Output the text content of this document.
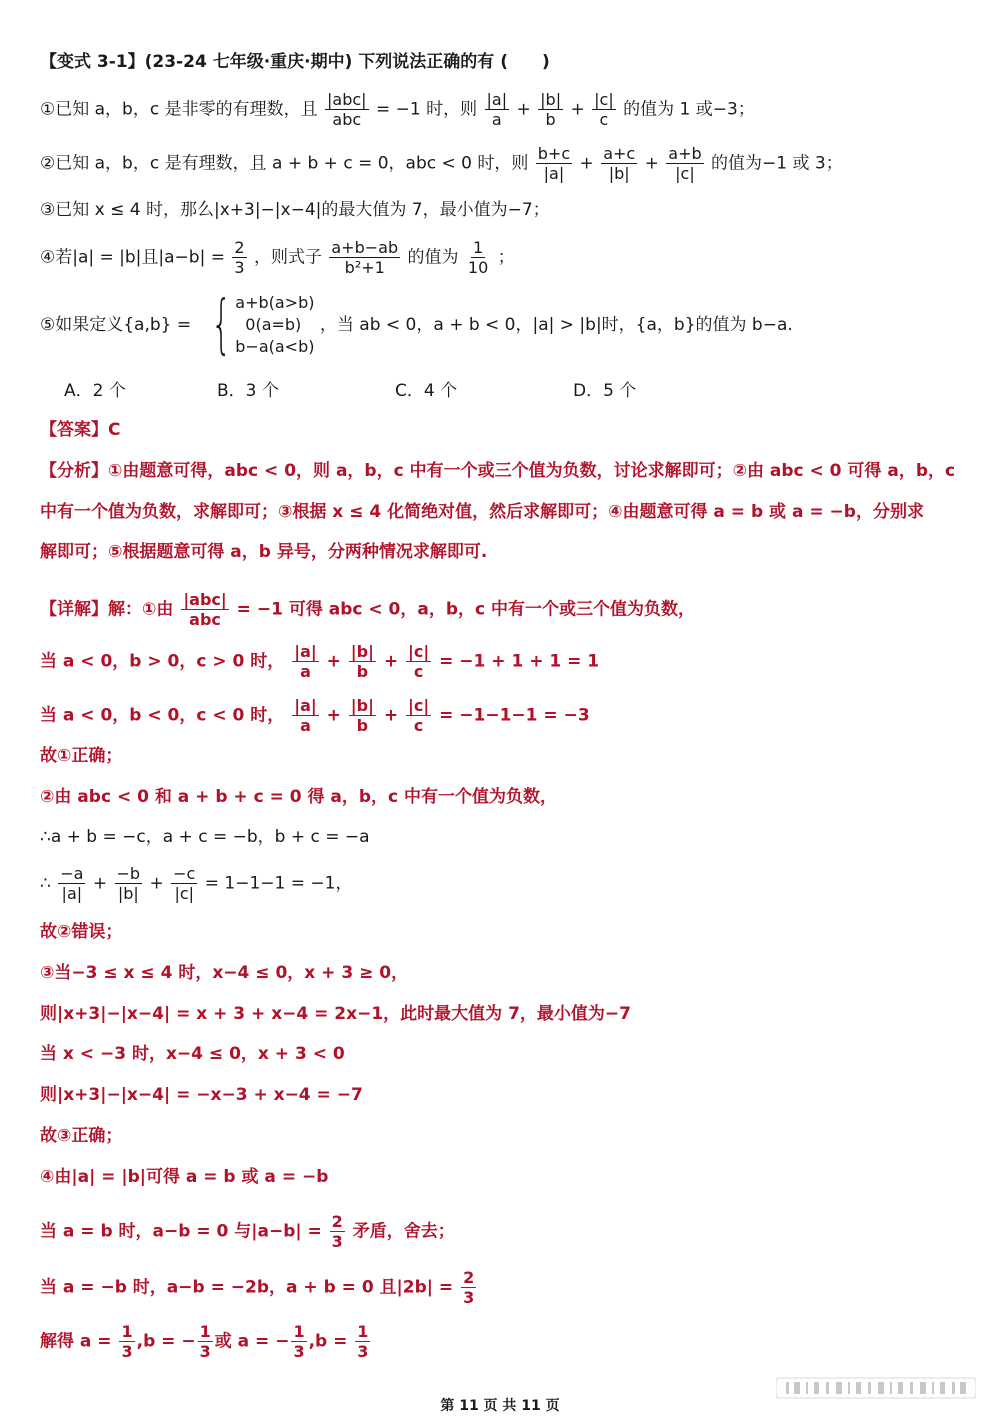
【变式 3-1】(23-24 七年级·重庆·期中) 下列说法正确的有 (　　)
①已知 a，b，c 是非零的有理数，且 $\frac{\text{|abc|}}{\text{abc}} = -1$ 时，则 $\frac{|a|}{a} + \frac{|b|}{b} + \frac{|c|}{c}$ 的值为 1 或−3；
②已知 a，b，c 是有理数，且 a + b + c = 0，abc < 0 时，则 $\frac{b+c}{|a|} + \frac{a+c}{|b|} + \frac{a+b}{|c|}$ 的值为−1 或 3；
③已知 x ≤ 4 时，那么|x+3|−|x−4|的最大值为 7，最小值为−7；
④若|a| = |b|且$|a-b| = \frac{2}{3}$ ，则式子 $\frac{a+b-ab}{\text{b²+1}}$ 的值为 $\frac{1}{10}$ ；
⑤如果定义{a,b} = { a+b(a>b)
0(a=b)
b−a(a<b)
，当 ab < 0，a + b < 0，|a| > |b|时，{a，b}的值为 b−a.
A．2 个	B．3 个	C．4 个	D．5 个
【答案】C
【分析】①由题意可得，abc < 0，则 a，b，c 中有一个或三个值为负数，讨论求解即可；②由 abc < 0 可得 a，b，c
中有一个值为负数，求解即可；③根据 x ≤ 4 化简绝对值，然后求解即可；④由题意可得 a = b 或 a = −b，分别求
解即可；⑤根据题意可得 a，b 异号，分两种情况求解即可.
【详解】解：①由 $\frac{\text{|abc|}}{\text{abc}} = -1$ 可得 abc < 0，a，b，c 中有一个或三个值为负数，
当 a < 0，b > 0，c > 0 时， $\frac{|a|}{a} + \frac{|b|}{b} + \frac{|c|}{c} = -1 + 1 + 1 = 1$
当 a < 0，b < 0，c < 0 时， $\frac{|a|}{a} + \frac{|b|}{b} + \frac{|c|}{c} = -1-1-1 = -3$
故①正确；
②由 abc < 0 和 a + b + c = 0 得 a，b，c 中有一个值为负数，
∴a + b = −c，a + c = −b，b + c = −a
∴ $\frac{-a}{|a|} + \frac{-b}{|b|} + \frac{-c}{|c|} = 1-1-1 = -1$，
故②错误；
③当−3 ≤ x ≤ 4 时，x−4 ≤ 0，x + 3 ≥ 0，
则|x+3|−|x−4| = x + 3 + x−4 = 2x−1，此时最大值为 7，最小值为−7
当 x < −3 时，x−4 ≤ 0，x + 3 < 0
则|x+3|−|x−4| = −x−3 + x−4 = −7
故③正确；
④由|a| = |b|可得 a = b 或 a = −b
当 a = b 时，a−b = 0 与$|a-b| = \frac{2}{3}$ 矛盾，舍去；
当 a = −b 时，a−b = −2b，a + b = 0 且$|2b| = \frac{2}{3}$
解得 $a = \frac{1}{3} ,b$ = − $\frac{1}{3}$ 或 a = − $\frac{1}{3} ,b = \frac{1}{3}$
第 11 页 共 11 页
